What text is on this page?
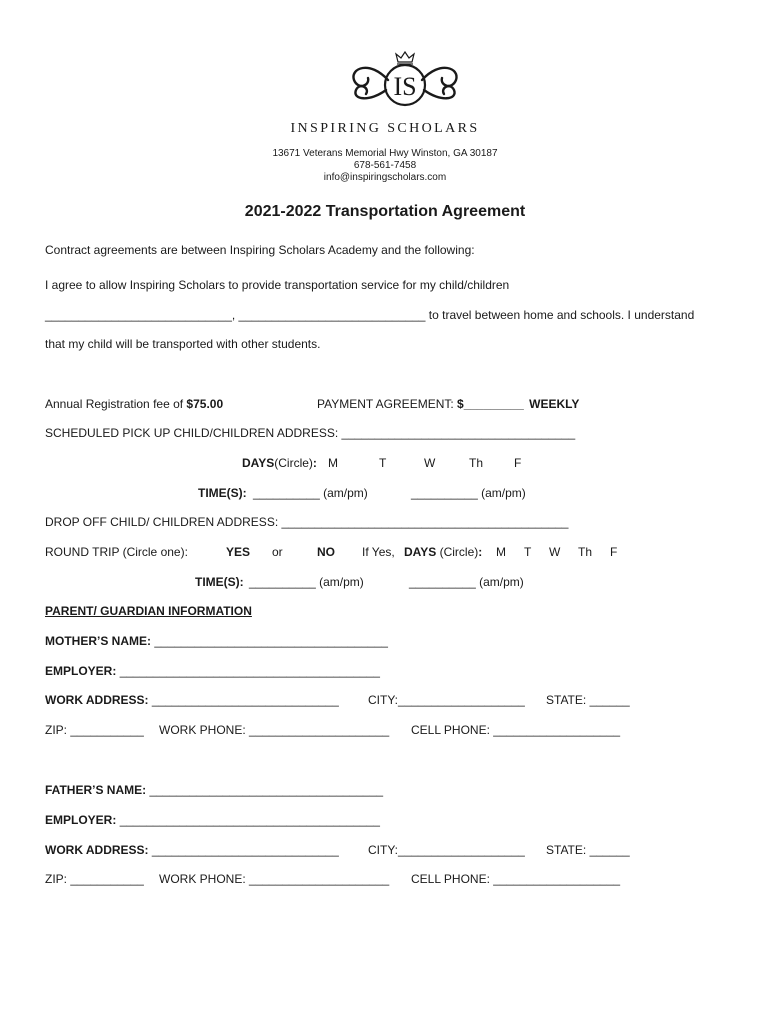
IS
INSPIRING SCHOLARS
13671 Veterans Memorial Hwy Winston, GA 30187
678-561-7458
info@inspiringscholars.com
2021-2022 Transportation Agreement
Contract agreements are between Inspiring Scholars Academy and the following:
I agree to allow Inspiring Scholars to provide transportation service for my child/children
____________________________, ____________________________ to travel between home and schools. I understand
that my child will be transported with other students.
Annual Registration fee of $75.00	PAYMENT AGREEMENT: $_________ WEEKLY
SCHEDULED PICK UP CHILD/CHILDREN ADDRESS: ___________________________________
DAYS(Circle): M	T	W	Th	F
TIME(S): __________ (am/pm)	__________ (am/pm)
DROP OFF CHILD/ CHILDREN ADDRESS: ___________________________________________
ROUND TRIP (Circle one):	YES or	NO If Yes, DAYS (Circle): M T W Th F
TIME(S): __________ (am/pm)	__________ (am/pm)
PARENT/ GUARDIAN INFORMATION
MOTHER’S NAME: ___________________________________
EMPLOYER: _______________________________________
WORK ADDRESS: ____________________________ CITY:___________________ STATE: ______
ZIP: ___________ WORK PHONE: _____________________ CELL PHONE: ___________________
FATHER’S NAME: ___________________________________
EMPLOYER: _______________________________________
WORK ADDRESS: ____________________________ CITY:___________________ STATE: ______
ZIP: ___________ WORK PHONE: _____________________ CELL PHONE: ___________________
